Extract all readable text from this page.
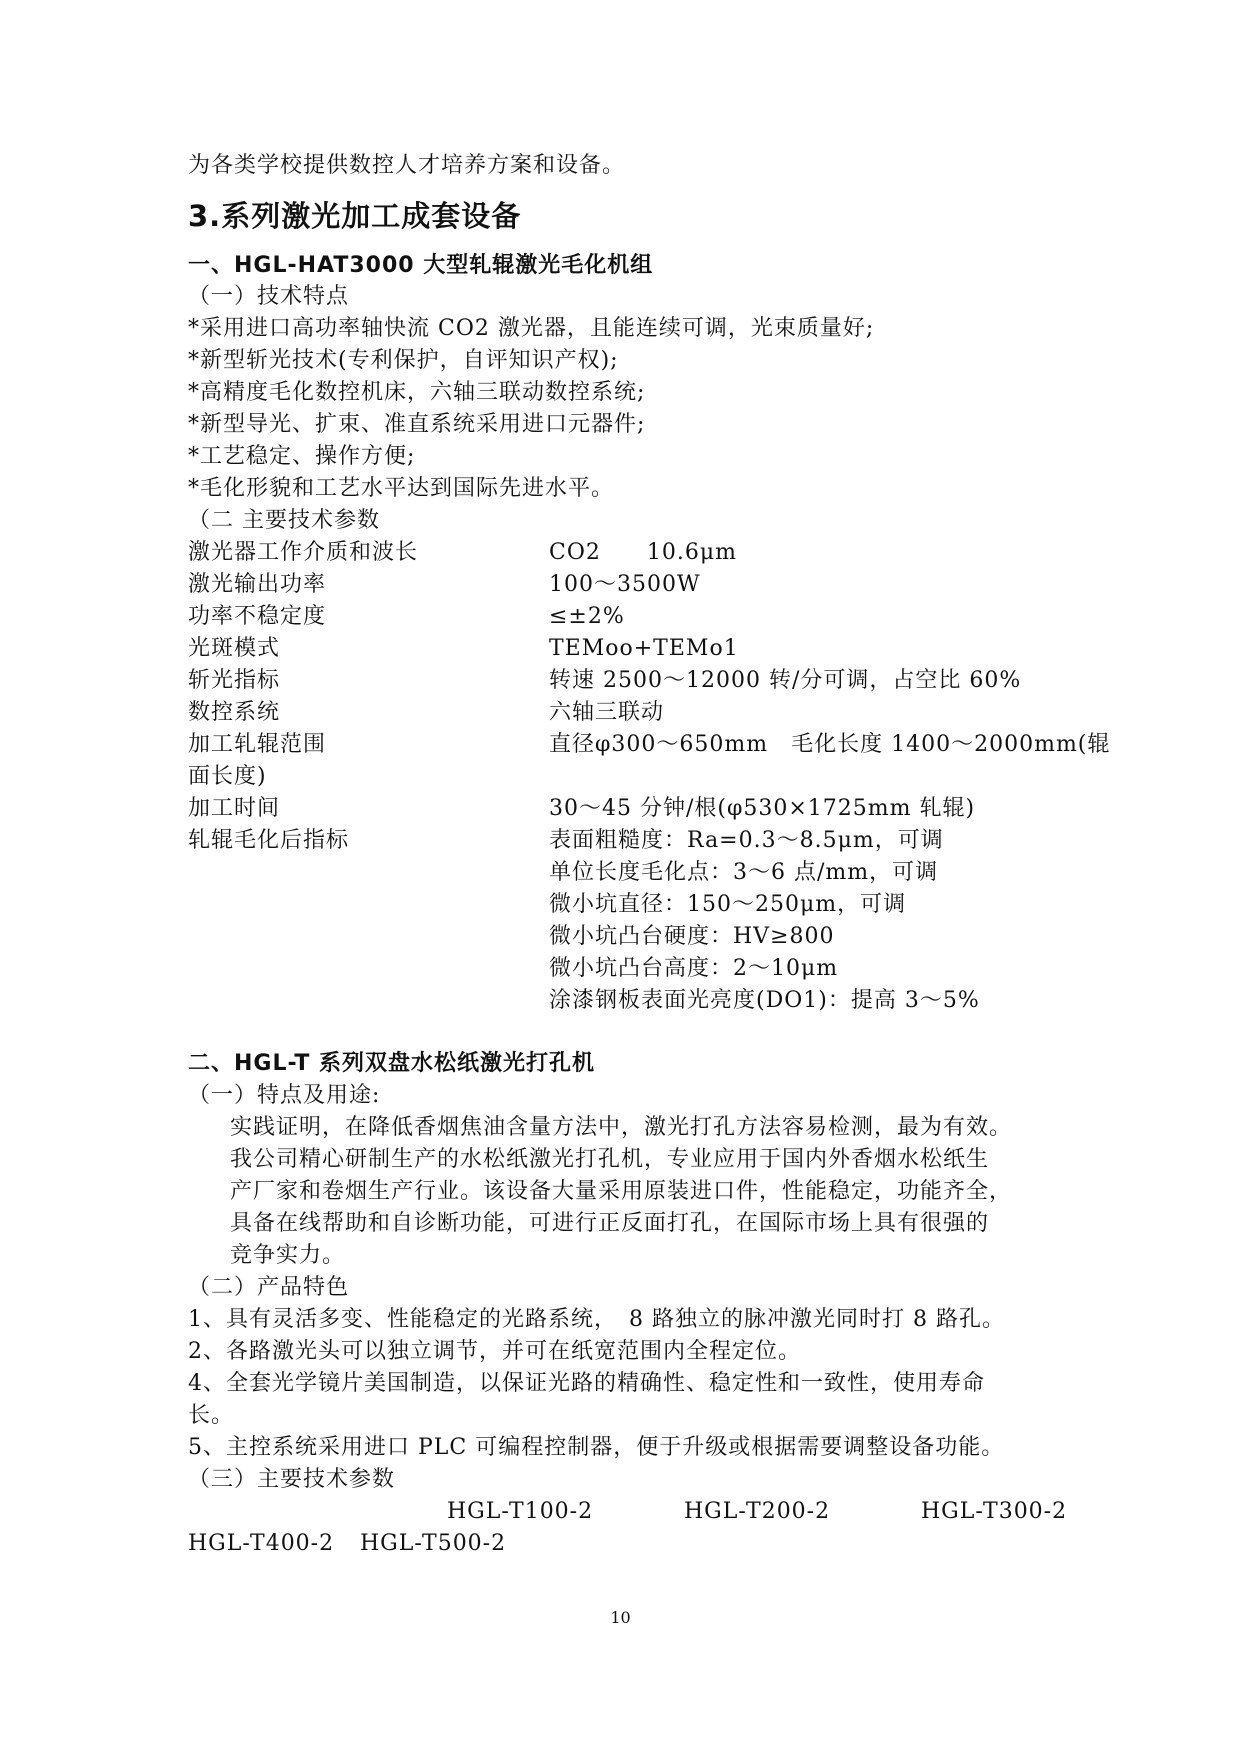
为各类学校提供数控人才培养方案和设备。
3.系列激光加工成套设备
一、HGL-HAT3000 大型轧辊激光毛化机组
（一）技术特点
*采用进口高功率轴快流 CO2 激光器，且能连续可调，光束质量好;
*新型斩光技术(专利保护，自评知识产权);
*高精度毛化数控机床，六轴三联动数控系统;
*新型导光、扩束、准直系统采用进口元器件;
*工艺稳定、操作方便;
*毛化形貌和工艺水平达到国际先进水平。
（二 主要技术参数
激光器工作介质和波长	CO2　　10.6μm
激光输出功率	100～3500W
功率不稳定度	≤±2%
光斑模式	TEMoo+TEMo1
斩光指标	转速 2500～12000 转/分可调，占空比 60%
数控系统	六轴三联动
加工轧辊范围	直径φ300～650mm　毛化长度 1400～2000mm(辊
面长度)
加工时间	30～45 分钟/根(φ530×1725mm 轧辊)
轧辊毛化后指标	表面粗糙度：Ra=0.3～8.5μm，可调
单位长度毛化点：3～6 点/mm，可调
微小坑直径：150～250μm，可调
微小坑凸台硬度：HV≥800
微小坑凸台高度：2～10μm
涂漆钢板表面光亮度(DO1)：提高 3～5%
二、HGL-T 系列双盘水松纸激光打孔机
（一）特点及用途:
实践证明，在降低香烟焦油含量方法中，激光打孔方法容易检测，最为有效。
我公司精心研制生产的水松纸激光打孔机，专业应用于国内外香烟水松纸生
产厂家和卷烟生产行业。该设备大量采用原装进口件，性能稳定，功能齐全，
具备在线帮助和自诊断功能，可进行正反面打孔，在国际市场上具有很强的
竞争实力。
（二）产品特色
1、具有灵活多变、性能稳定的光路系统，　8 路独立的脉冲激光同时打 8 路孔。
2、各路激光头可以独立调节，并可在纸宽范围内全程定位。
4、全套光学镜片美国制造，以保证光路的精确性、稳定性和一致性，使用寿命
长。
5、主控系统采用进口 PLC 可编程控制器，便于升级或根据需要调整设备功能。
（三）主要技术参数
HGL-T100-2	HGL-T200-2	HGL-T300-2
HGL-T400-2 HGL-T500-2
10
